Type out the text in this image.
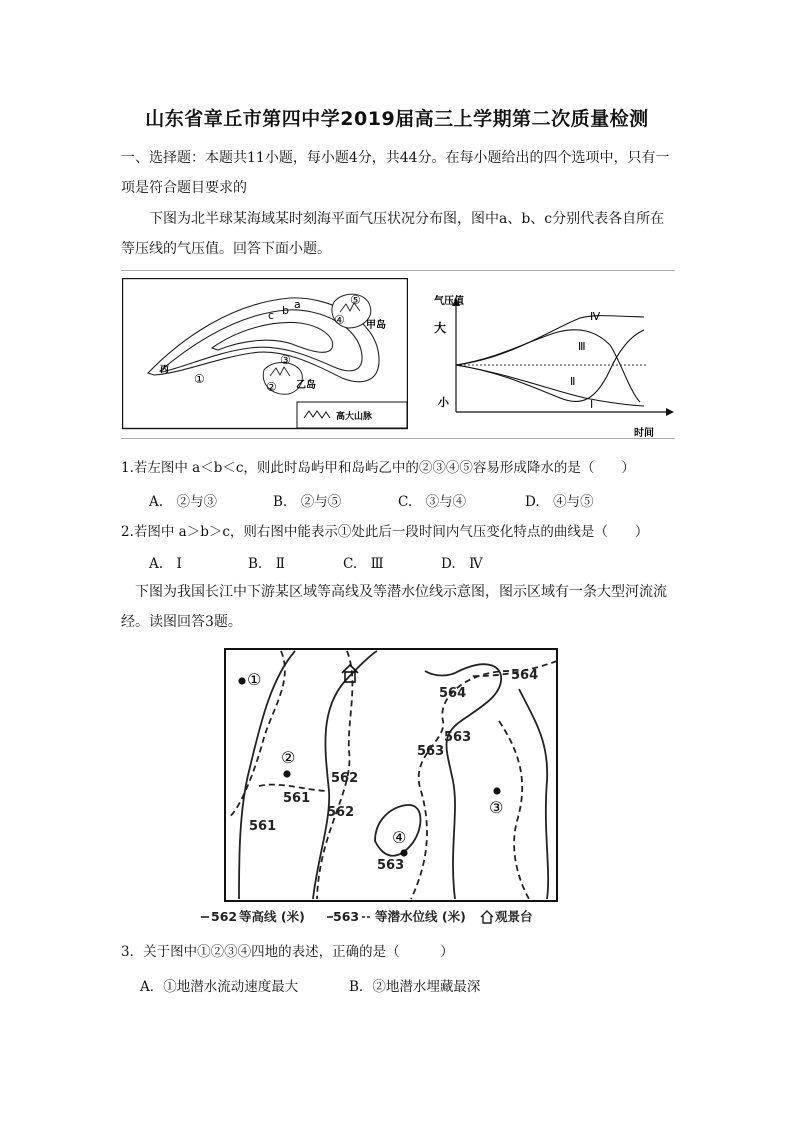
山东省章丘市第四中学2019届高三上学期第二次质量检测
一、选择题：本题共11小题，每小题4分，共44分。在每小题给出的四个选项中，只有一项是符合题目要求的
下图为北半球某海域某时刻海平面气压状况分布图，图中a、b、c分别代表各自所在等压线的气压值。回答下面小题。
a
b
c
丙
①
③
② 乙岛
⑤
④ 甲岛
高大山脉
气压值
大
小
时间
Ⅳ
Ⅲ
Ⅱ
Ⅰ
1.若左图中 a＜b＜c，则此时岛屿甲和岛屿乙中的②③④⑤容易形成降水的是（　　）
A.　②与③	B.　②与⑤	C.　③与④	D.　④与⑤
2.若图中 a＞b＞c，则右图中能表示①处此后一段时间内气压变化特点的曲线是（　　）
A.　Ⅰ	B.　Ⅱ	C.　Ⅲ	D.　Ⅳ
下图为我国长江中下游某区域等高线及等潜水位线示意图，图示区域有一条大型河流流经。读图回答3题。
①
②
③
④
564
564
563
563
562
562
561
563
561
562 等高线 (米) 563 等潜水位线 (米) 观景台
3．关于图中①②③④四地的表述，正确的是（　　　）
A．①地潜水流动速度最大	B．②地潜水埋藏最深
